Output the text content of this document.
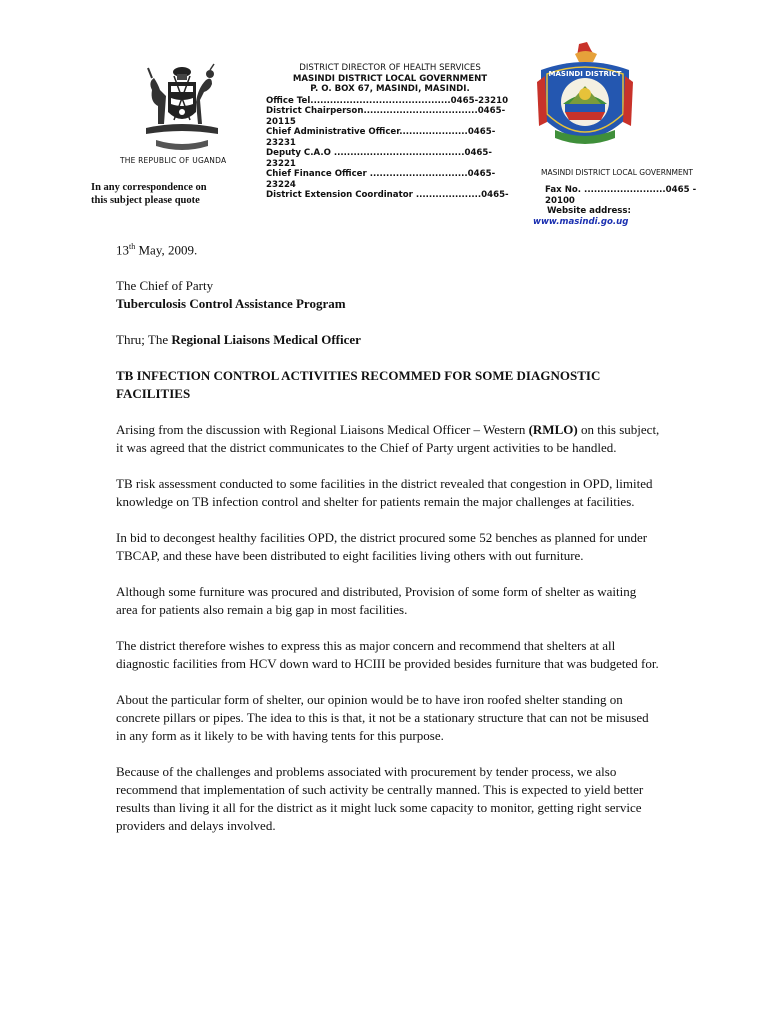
MASINDI DISTRICT
THE REPUBLIC OF UGANDA
MASINDI DISTRICT LOCAL GOVERNMENT
In any correspondence on
this subject please quote
DISTRICT DIRECTOR OF HEALTH SERVICES
MASINDI DISTRICT LOCAL GOVERNMENT
P. O. BOX 67, MASINDI, MASINDI.
Office Tel...........................................0465-23210
District Chairperson...................................0465-20115
Chief Administrative Officer.....................0465-23231
Deputy C.A.O ........................................0465-23221
Chief Finance Officer ..............................0465-23224
District Extension Coordinator ....................0465-	Fax No. .........................0465 - 20100
Website address:
www.masindi.go.ug

13th May, 2009.

The Chief of Party

Tuberculosis Control Assistance Program

Thru; The Regional Liaisons Medical Officer

TB INFECTION CONTROL ACTIVITIES RECOMMED FOR SOME DIAGNOSTIC FACILITIES

Arising from the discussion with Regional Liaisons Medical Officer – Western (RMLO) on this subject, it was agreed that the district communicates to the Chief of Party urgent activities to be handled.

TB risk assessment conducted to some facilities in the district revealed that congestion in OPD, limited knowledge on TB infection control and shelter for patients remain the major challenges at facilities.

In bid to decongest healthy facilities OPD, the district procured some 52 benches as planned for under TBCAP, and these have been distributed to eight facilities living others with out furniture.

Although some furniture was procured and distributed, Provision of some form of shelter as waiting area for patients also remain a big gap in most facilities.

The district therefore wishes to express this as major concern and recommend that shelters at all diagnostic facilities from HCV down ward to HCIII be provided besides furniture that was budgeted for.

About the particular form of shelter, our opinion would be to have iron roofed shelter standing on concrete pillars or pipes. The idea to this is that, it not be a stationary structure that can not be misused in any form as it likely to be with having tents for this purpose.

Because of the challenges and problems associated with procurement by tender process, we also recommend that implementation of such activity be centrally manned. This is expected to yield better results than living it all for the district as it might luck some capacity to monitor, getting right service providers and delays involved.
